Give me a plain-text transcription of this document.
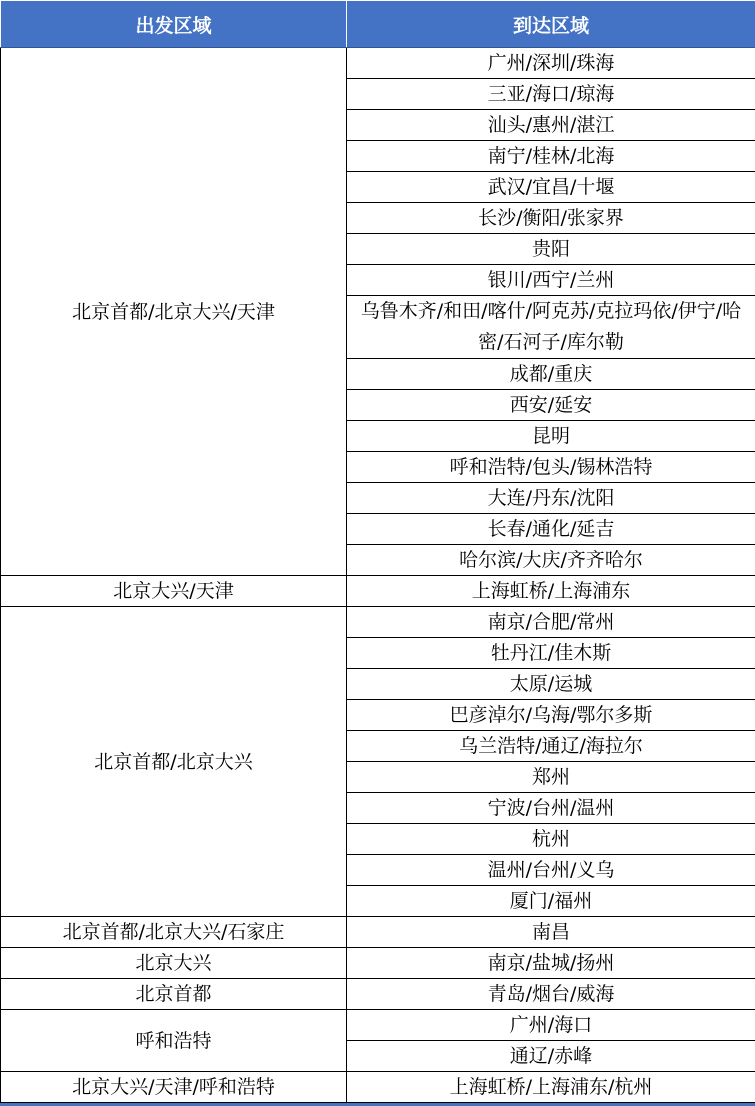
出发区域	到达区域
北京首都/北京大兴/天津	广州/深圳/珠海
	三亚/海口/琼海
	汕头/惠州/湛江
	南宁/桂林/北海
	武汉/宜昌/十堰
	长沙/衡阳/张家界
	贵阳
	银川/西宁/兰州
	乌鲁木齐/和田/喀什/阿克苏/克拉玛依/伊宁/哈密/石河子/库尔勒
	成都/重庆
	西安/延安
	昆明
	呼和浩特/包头/锡林浩特
	大连/丹东/沈阳
	长春/通化/延吉
	哈尔滨/大庆/齐齐哈尔
北京大兴/天津	上海虹桥/上海浦东
北京首都/北京大兴	南京/合肥/常州
	牡丹江/佳木斯
	太原/运城
	巴彦淖尔/乌海/鄂尔多斯
	乌兰浩特/通辽/海拉尔
	郑州
	宁波/台州/温州
	杭州
	温州/台州/义乌
	厦门/福州
北京首都/北京大兴/石家庄	南昌
北京大兴	南京/盐城/扬州
北京首都	青岛/烟台/威海
呼和浩特	广州/海口
	通辽/赤峰
北京大兴/天津/呼和浩特	上海虹桥/上海浦东/杭州
